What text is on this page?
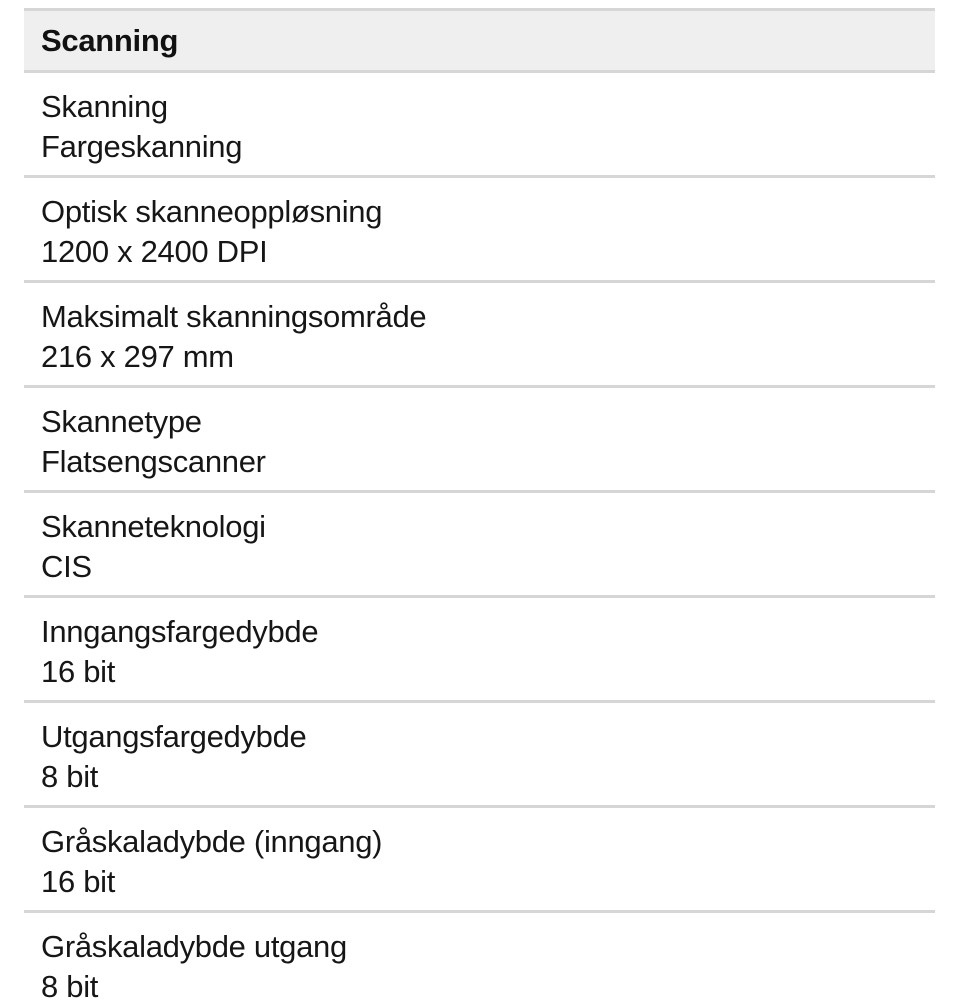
Scanning
Skanning
Fargeskanning
Optisk skanneoppløsning
1200 x 2400 DPI
Maksimalt skanningsområde
216 x 297 mm
Skannetype
Flatsengscanner
Skanneteknologi
CIS
Inngangsfargedybde
16 bit
Utgangsfargedybde
8 bit
Gråskaladybde (inngang)
16 bit
Gråskaladybde utgang
8 bit
